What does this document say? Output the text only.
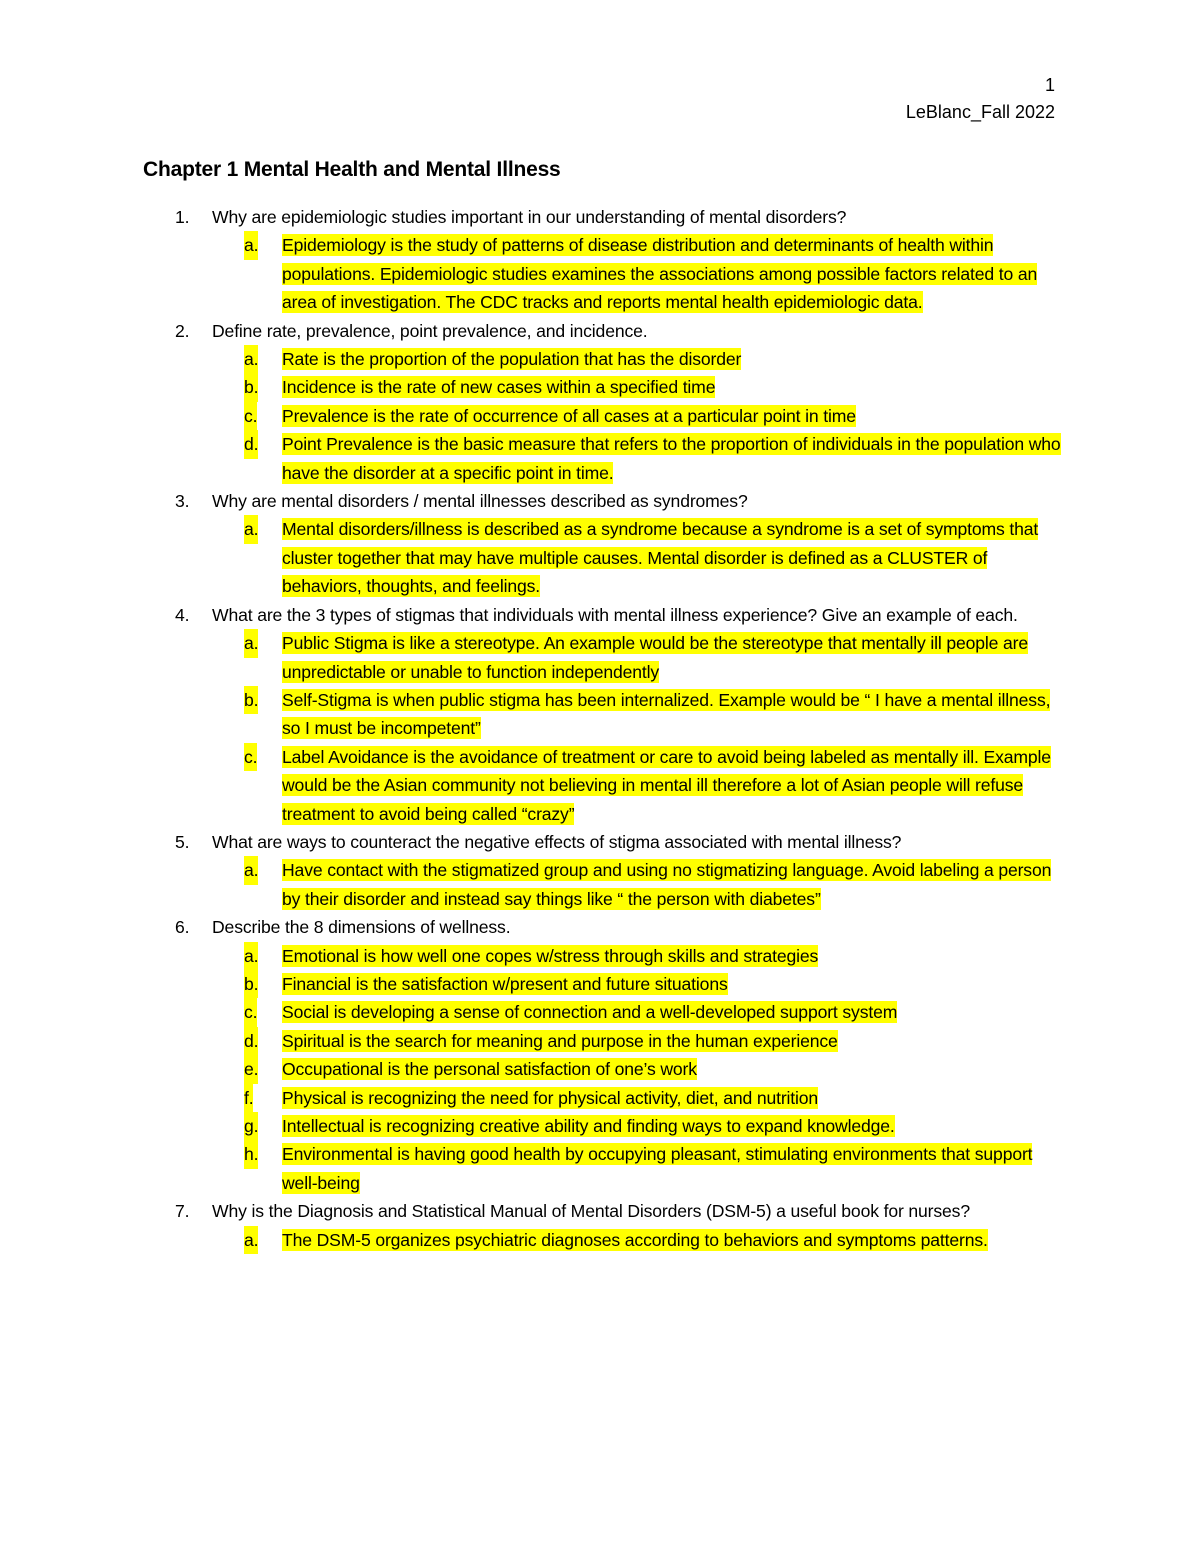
1
LeBlanc_Fall 2022
Chapter 1 Mental Health and Mental Illness
1. Why are epidemiologic studies important in our understanding of mental disorders?
a. Epidemiology is the study of patterns of disease distribution and determinants of health within populations. Epidemiologic studies examines the associations among possible factors related to an area of investigation. The CDC tracks and reports mental health epidemiologic data.
2. Define rate, prevalence, point prevalence, and incidence.
a. Rate is the proportion of the population that has the disorder
b. Incidence is the rate of new cases within a specified time
c. Prevalence is the rate of occurrence of all cases at a particular point in time
d. Point Prevalence is the basic measure that refers to the proportion of individuals in the population who have the disorder at a specific point in time.
3. Why are mental disorders / mental illnesses described as syndromes?
a. Mental disorders/illness is described as a syndrome because a syndrome is a set of symptoms that cluster together that may have multiple causes. Mental disorder is defined as a CLUSTER of behaviors, thoughts, and feelings.
4. What are the 3 types of stigmas that individuals with mental illness experience? Give an example of each.
a. Public Stigma is like a stereotype. An example would be the stereotype that mentally ill people are unpredictable or unable to function independently
b. Self-Stigma is when public stigma has been internalized. Example would be “ I have a mental illness, so I must be incompetent”
c. Label Avoidance is the avoidance of treatment or care to avoid being labeled as mentally ill. Example would be the Asian community not believing in mental ill therefore a lot of Asian people will refuse treatment to avoid being called “crazy”
5. What are ways to counteract the negative effects of stigma associated with mental illness?
a. Have contact with the stigmatized group and using no stigmatizing language. Avoid labeling a person by their disorder and instead say things like “ the person with diabetes”
6. Describe the 8 dimensions of wellness.
a. Emotional is how well one copes w/stress through skills and strategies
b. Financial is the satisfaction w/present and future situations
c. Social is developing a sense of connection and a well-developed support system
d. Spiritual is the search for meaning and purpose in the human experience
e. Occupational is the personal satisfaction of one’s work
f. Physical is recognizing the need for physical activity, diet, and nutrition
g. Intellectual is recognizing creative ability and finding ways to expand knowledge.
h. Environmental is having good health by occupying pleasant, stimulating environments that support well-being
7. Why is the Diagnosis and Statistical Manual of Mental Disorders (DSM-5) a useful book for nurses?
a. The DSM-5 organizes psychiatric diagnoses according to behaviors and symptoms patterns.
